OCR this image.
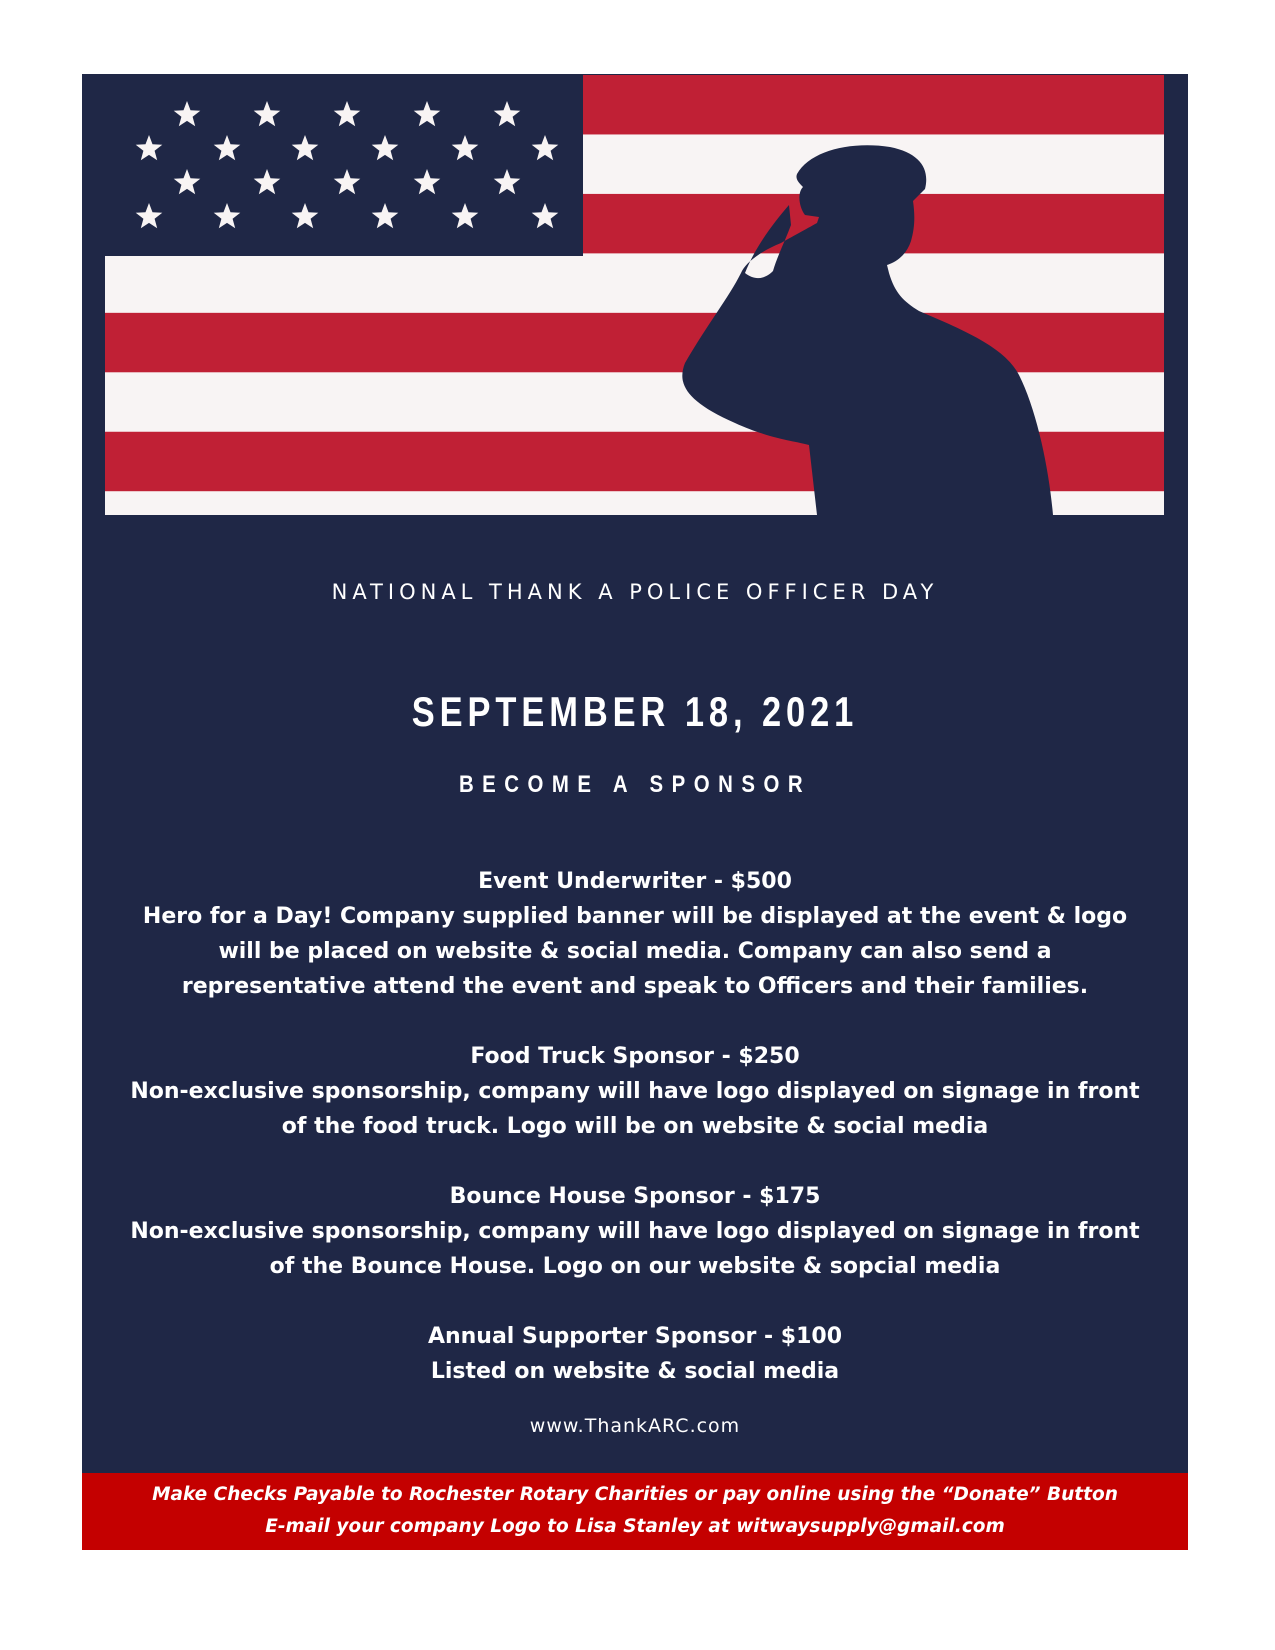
NATIONAL THANK A POLICE OFFICER DAY
SEPTEMBER 18, 2021
BECOME A SPONSOR

Event Underwriter - $500

Hero for a Day! Company supplied banner will be displayed at the event & logo

will be placed on website & social media. Company can also send a

representative attend the event and speak to Officers and their families.

Food Truck Sponsor - $250

Non-exclusive sponsorship, company will have logo displayed on signage in front

of the food truck. Logo will be on website & social media

Bounce House Sponsor - $175

Non-exclusive sponsorship, company will have logo displayed on signage in front

of the Bounce House. Logo on our website & sopcial media

Annual Supporter Sponsor - $100

Listed on website & social media

www.ThankARC.com

Make Checks Payable to Rochester Rotary Charities or pay online using the “Donate” Button

E-mail your company Logo to Lisa Stanley at witwaysupply@gmail.com
